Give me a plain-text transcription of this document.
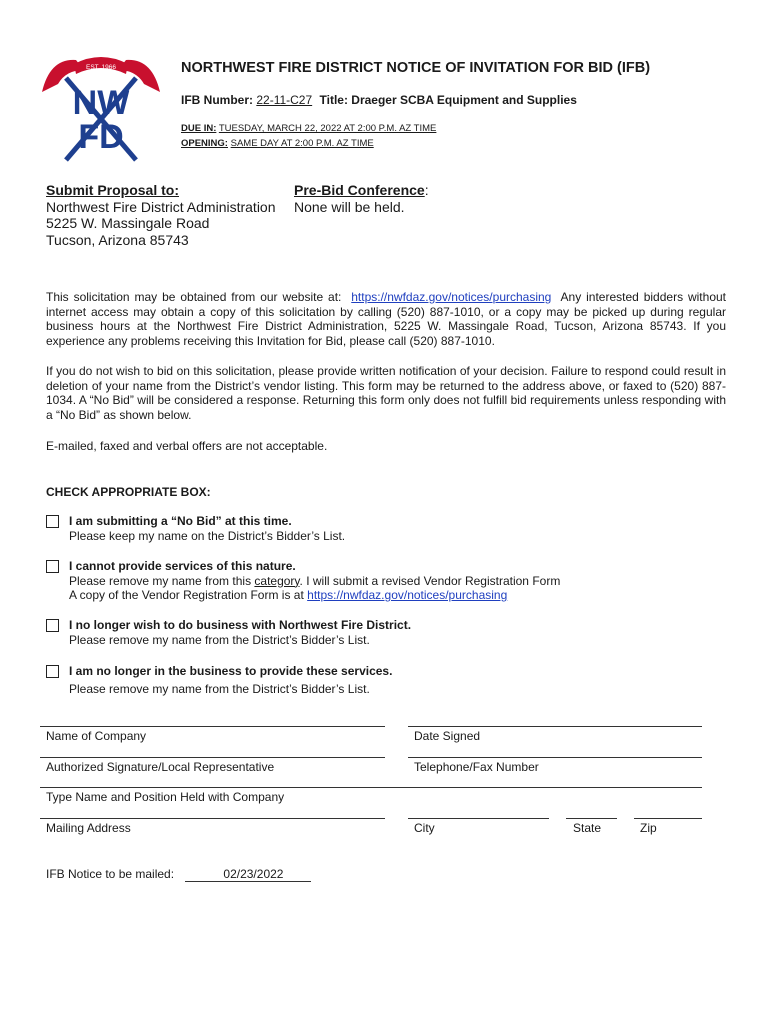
EST. 1966
NW
FD
NORTHWEST FIRE DISTRICT NOTICE OF INVITATION FOR BID (IFB)
IFB Number: 22-11-C27 Title: Draeger SCBA Equipment and Supplies
DUE IN: TUESDAY, MARCH 22, 2022 AT 2:00 P.M. AZ TIME
OPENING: SAME DAY AT 2:00 P.M. AZ TIME
Submit Proposal to:
Northwest Fire District Administration
5225 W. Massingale Road
Tucson, Arizona 85743
Pre-Bid Conference:
None will be held.
This solicitation may be obtained from our website at: https://nwfdaz.gov/notices/purchasing Any interested bidders without internet access may obtain a copy of this solicitation by calling (520) 887-1010, or a copy may be picked up during regular business hours at the Northwest Fire District Administration, 5225 W. Massingale Road, Tucson, Arizona 85743. If you experience any problems receiving this Invitation for Bid, please call (520) 887-1010.
If you do not wish to bid on this solicitation, please provide written notification of your decision. Failure to respond could result in deletion of your name from the District’s vendor listing. This form may be returned to the address above, or faxed to (520) 887-1034. A “No Bid” will be considered a response. Returning this form only does not fulfill bid requirements unless responding with a “No Bid” as shown below.
E-mailed, faxed and verbal offers are not acceptable.
CHECK APPROPRIATE BOX:
I am submitting a “No Bid” at this time.
Please keep my name on the District’s Bidder’s List.
I cannot provide services of this nature.
Please remove my name from this category. I will submit a revised Vendor Registration Form
A copy of the Vendor Registration Form is at https://nwfdaz.gov/notices/purchasing
I no longer wish to do business with Northwest Fire District.
Please remove my name from the District’s Bidder’s List.
I am no longer in the business to provide these services.
Please remove my name from the District’s Bidder’s List.
Name of Company	Date Signed
Authorized Signature/Local Representative	Telephone/Fax Number
Type Name and Position Held with Company
Mailing Address	City	State	Zip
IFB Notice to be mailed:	02/23/2022
